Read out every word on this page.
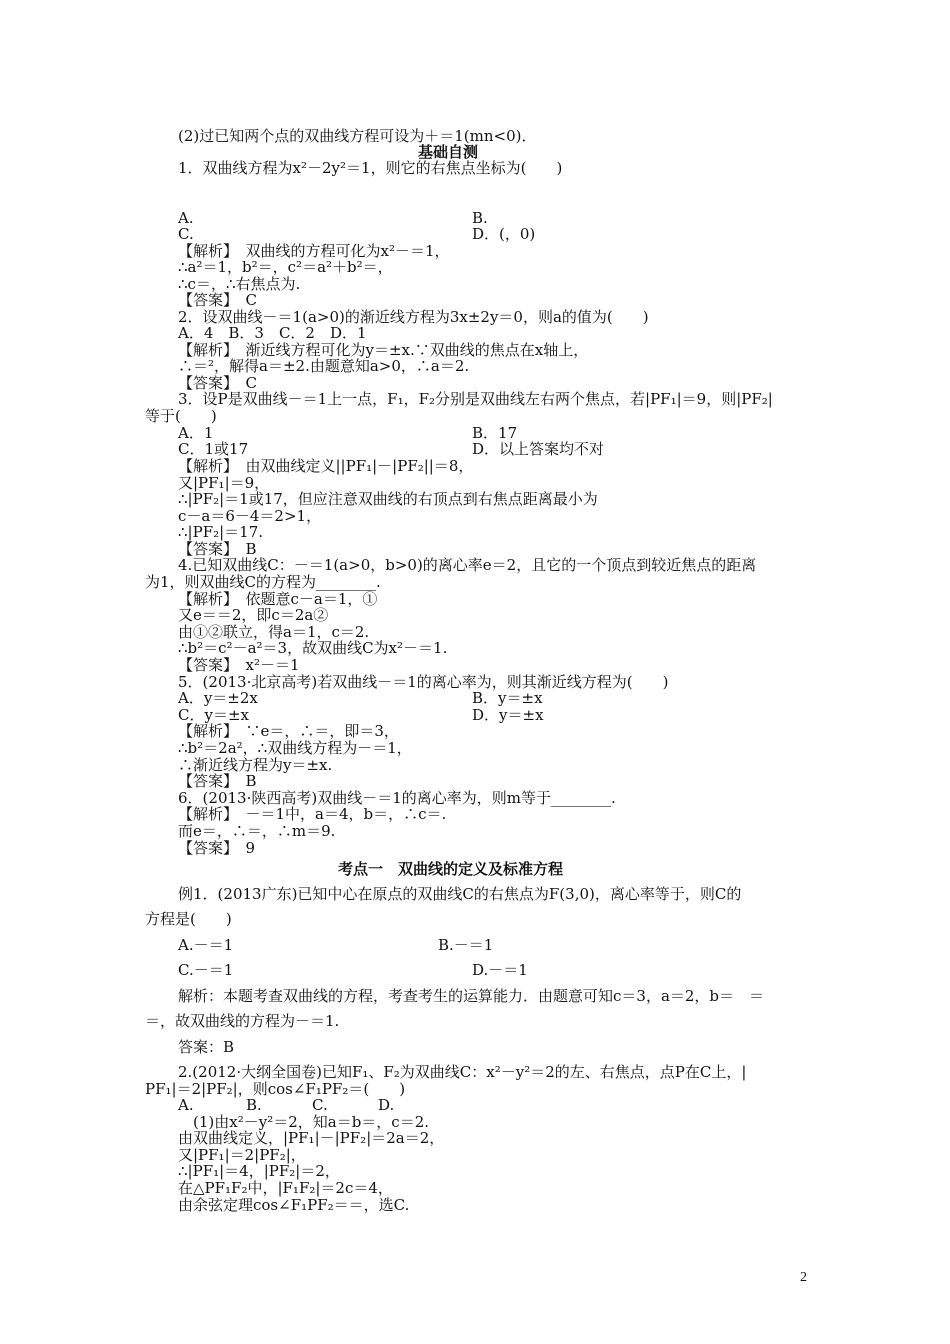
(2)过已知两个点的双曲线方程可设为＋＝1(mn<0)．
基础自测
1．双曲线方程为x²－2y²＝1，则它的右焦点坐标为(　　)
A.	B.
C.	D．(，0)
【解析】　双曲线的方程可化为x²－＝1，
∴a²＝1，b²＝，c²＝a²＋b²＝，
∴c＝，∴右焦点为.
【答案】　C
2．设双曲线－＝1(a>0)的渐近线方程为3x±2y＝0，则a的值为(　　)
A．4　B．3　C．2　D．1
【解析】　渐近线方程可化为y＝±x.∵双曲线的焦点在x轴上，
∴＝²，解得a＝±2.由题意知a>0，∴a＝2.
【答案】　C
3．设P是双曲线－＝1上一点，F₁，F₂分别是双曲线左右两个焦点，若|PF₁|＝9，则|PF₂|
等于(　　)
A．1	B．17
C．1或17	D．以上答案均不对
【解析】　由双曲线定义||PF₁|－|PF₂||＝8，
又|PF₁|＝9，
∴|PF₂|＝1或17，但应注意双曲线的右顶点到右焦点距离最小为
c－a＝6－4＝2>1，
∴|PF₂|＝17.
【答案】　B
4.已知双曲线C：－＝1(a>0，b>0)的离心率e＝2，且它的一个顶点到较近焦点的距离
为1，则双曲线C的方程为________.
【解析】　依题意c－a＝1，①
又e＝＝2，即c＝2a②
由①②联立，得a＝1，c＝2.
∴b²＝c²－a²＝3，故双曲线C为x²－＝1.
【答案】　x²－＝1
5．(2013·北京高考)若双曲线－＝1的离心率为，则其渐近线方程为(　　)
A．y＝±2x	B．y＝±x
C．y＝±x	D．y＝±x
【解析】　∵e＝，∴＝，即＝3，
∴b²＝2a²，∴双曲线方程为－＝1，
∴渐近线方程为y＝±x.
【答案】　B
6．(2013·陕西高考)双曲线－＝1的离心率为，则m等于________.
【解析】　－＝1中，a＝4，b＝，∴c＝.
而e＝，∴＝，∴m＝9.
【答案】　9
考点一　双曲线的定义及标准方程
例1．(2013广东)已知中心在原点的双曲线C的右焦点为F(3,0)，离心率等于，则C的
方程是(　　)
A.－＝1	B.－＝1
C.－＝1	D.－＝1
解析：本题考查双曲线的方程，考查考生的运算能力．由题意可知c＝3，a＝2，b＝　＝
＝，故双曲线的方程为－＝1.
答案：B
2.(2012·大纲全国卷)已知F₁、F₂为双曲线C：x²－y²＝2的左、右焦点，点P在C上，|
PF₁|＝2|PF₂|，则cos∠F₁PF₂＝(　　)
A.	B.	C.	D.
(1)由x²－y²＝2，知a＝b＝，c＝2.
由双曲线定义，|PF₁|－|PF₂|＝2a＝2，
又|PF₁|＝2|PF₂|，
∴|PF₁|＝4，|PF₂|＝2，
在△PF₁F₂中，|F₁F₂|＝2c＝4，
由余弦定理cos∠F₁PF₂＝＝，选C.
2
